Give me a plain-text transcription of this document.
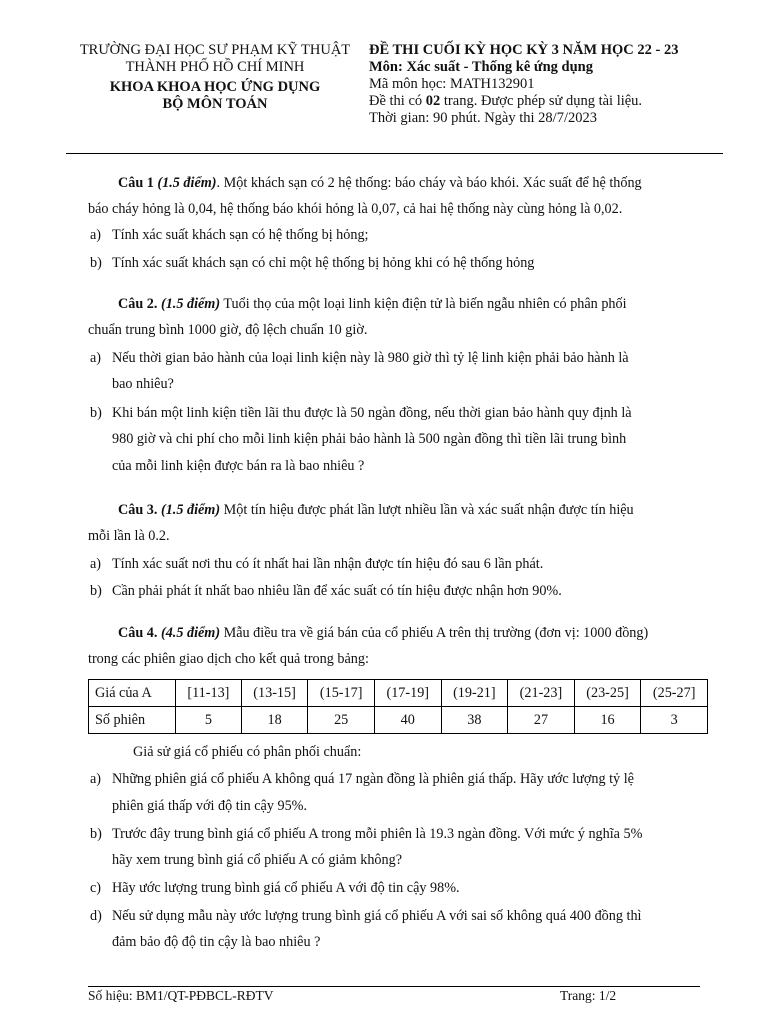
TRƯỜNG ĐẠI HỌC SƯ PHẠM KỸ THUẬT
THÀNH PHỐ HỒ CHÍ MINH
KHOA KHOA HỌC ỨNG DỤNG
BỘ MÔN TOÁN
ĐỀ THI CUỐI KỲ HỌC KỲ 3 NĂM HỌC 22 - 23
Môn: Xác suất - Thống kê ứng dụng
Mã môn học: MATH132901
Đề thi có 02 trang. Được phép sử dụng tài liệu.
Thời gian: 90 phút. Ngày thi 28/7/2023
Câu 1 (1.5 điểm). Một khách sạn có 2 hệ thống: báo cháy và báo khói. Xác suất để hệ thống
báo cháy hỏng là 0,04, hệ thống báo khói hỏng là 0,07, cả hai hệ thống này cùng hỏng là 0,02.
a) Tính xác suất khách sạn có hệ thống bị hỏng;
b) Tính xác suất khách sạn có chỉ một hệ thống bị hỏng khi có hệ thống hỏng
Câu 2. (1.5 điểm) Tuổi thọ của một loại linh kiện điện tử là biến ngẫu nhiên có phân phối
chuẩn trung bình 1000 giờ, độ lệch chuẩn 10 giờ.
a) Nếu thời gian bảo hành của loại linh kiện này là 980 giờ thì tỷ lệ linh kiện phải bảo hành là
bao nhiêu?
b) Khi bán một linh kiện tiền lãi thu được là 50 ngàn đồng, nếu thời gian bảo hành quy định là
980 giờ và chi phí cho mỗi linh kiện phải bảo hành là 500 ngàn đồng thì tiền lãi trung bình
của mỗi linh kiện được bán ra là bao nhiêu ?
Câu 3. (1.5 điểm) Một tín hiệu được phát lần lượt nhiều lần và xác suất nhận được tín hiệu
mỗi lần là 0.2.
a) Tính xác suất nơi thu có ít nhất hai lần nhận được tín hiệu đó sau 6 lần phát.
b) Cần phải phát ít nhất bao nhiêu lần để xác suất có tín hiệu được nhận hơn 90%.
Câu 4. (4.5 điểm) Mẫu điều tra về giá bán của cổ phiếu A trên thị trường (đơn vị: 1000 đồng)
trong các phiên giao dịch cho kết quả trong bảng:
Giá của A	[11-13]	(13-15]	(15-17]	(17-19]	(19-21]	(21-23]	(23-25]	(25-27]
Số phiên	5	18	25	40	38	27	16	3
Giả sử giá cổ phiếu có phân phối chuẩn:
a) Những phiên giá cổ phiếu A không quá 17 ngàn đồng là phiên giá thấp. Hãy ước lượng tỷ lệ
phiên giá thấp với độ tin cậy 95%.
b) Trước đây trung bình giá cổ phiếu A trong mỗi phiên là 19.3 ngàn đồng. Với mức ý nghĩa 5%
hãy xem trung bình giá cổ phiếu A có giảm không?
c) Hãy ước lượng trung bình giá cổ phiếu A với độ tin cậy 98%.
d) Nếu sử dụng mẫu này ước lượng trung bình giá cổ phiếu A với sai số không quá 400 đồng thì
đảm bảo độ độ tin cậy là bao nhiêu ?
Số hiệu: BM1/QT-PĐBCL-RĐTV	Trang: 1/2
